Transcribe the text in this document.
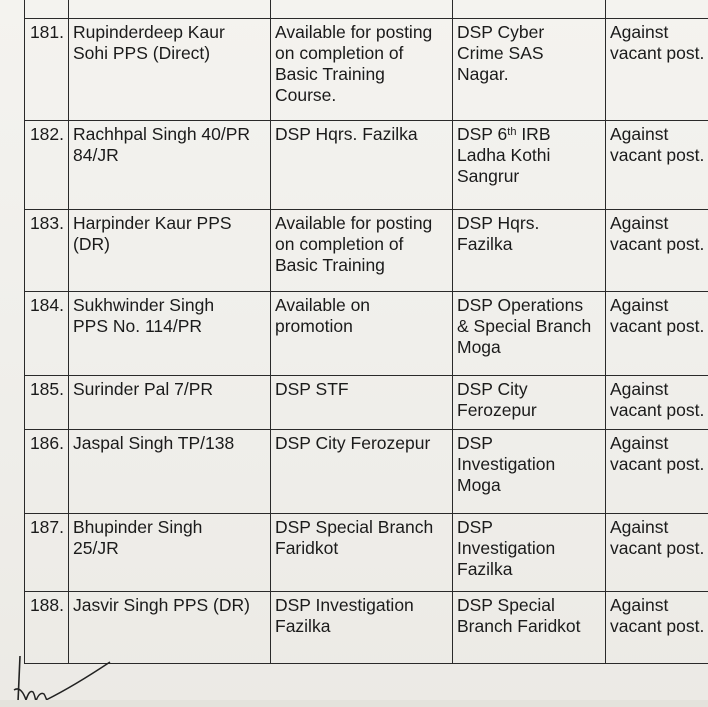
181.	Rupinderdeep Kaur
Sohi PPS (Direct)	Available for posting
on completion of
Basic Training
Course.	DSP Cyber
Crime SAS
Nagar.	Against
vacant post.

182.	Rachhpal Singh 40/PR
84/JR	DSP Hqrs. Fazilka	DSP 6th IRB
Ladha Kothi
Sangrur	Against
vacant post.

183.	Harpinder Kaur PPS
(DR)	Available for posting
on completion of
Basic Training	DSP Hqrs.
Fazilka	Against
vacant post.

184.	Sukhwinder Singh
PPS No. 114/PR	Available on
promotion	DSP Operations
& Special Branch
Moga	Against
vacant post.

185.	Surinder Pal 7/PR	DSP STF	DSP City
Ferozepur	Against
vacant post.

186.	Jaspal Singh TP/138	DSP City Ferozepur	DSP
Investigation
Moga	Against
vacant post.

187.	Bhupinder Singh
25/JR	DSP Special Branch
Faridkot	DSP
Investigation
Fazilka	Against
vacant post.

188.	Jasvir Singh PPS (DR)	DSP Investigation
Fazilka	DSP Special
Branch Faridkot	Against
vacant post.
